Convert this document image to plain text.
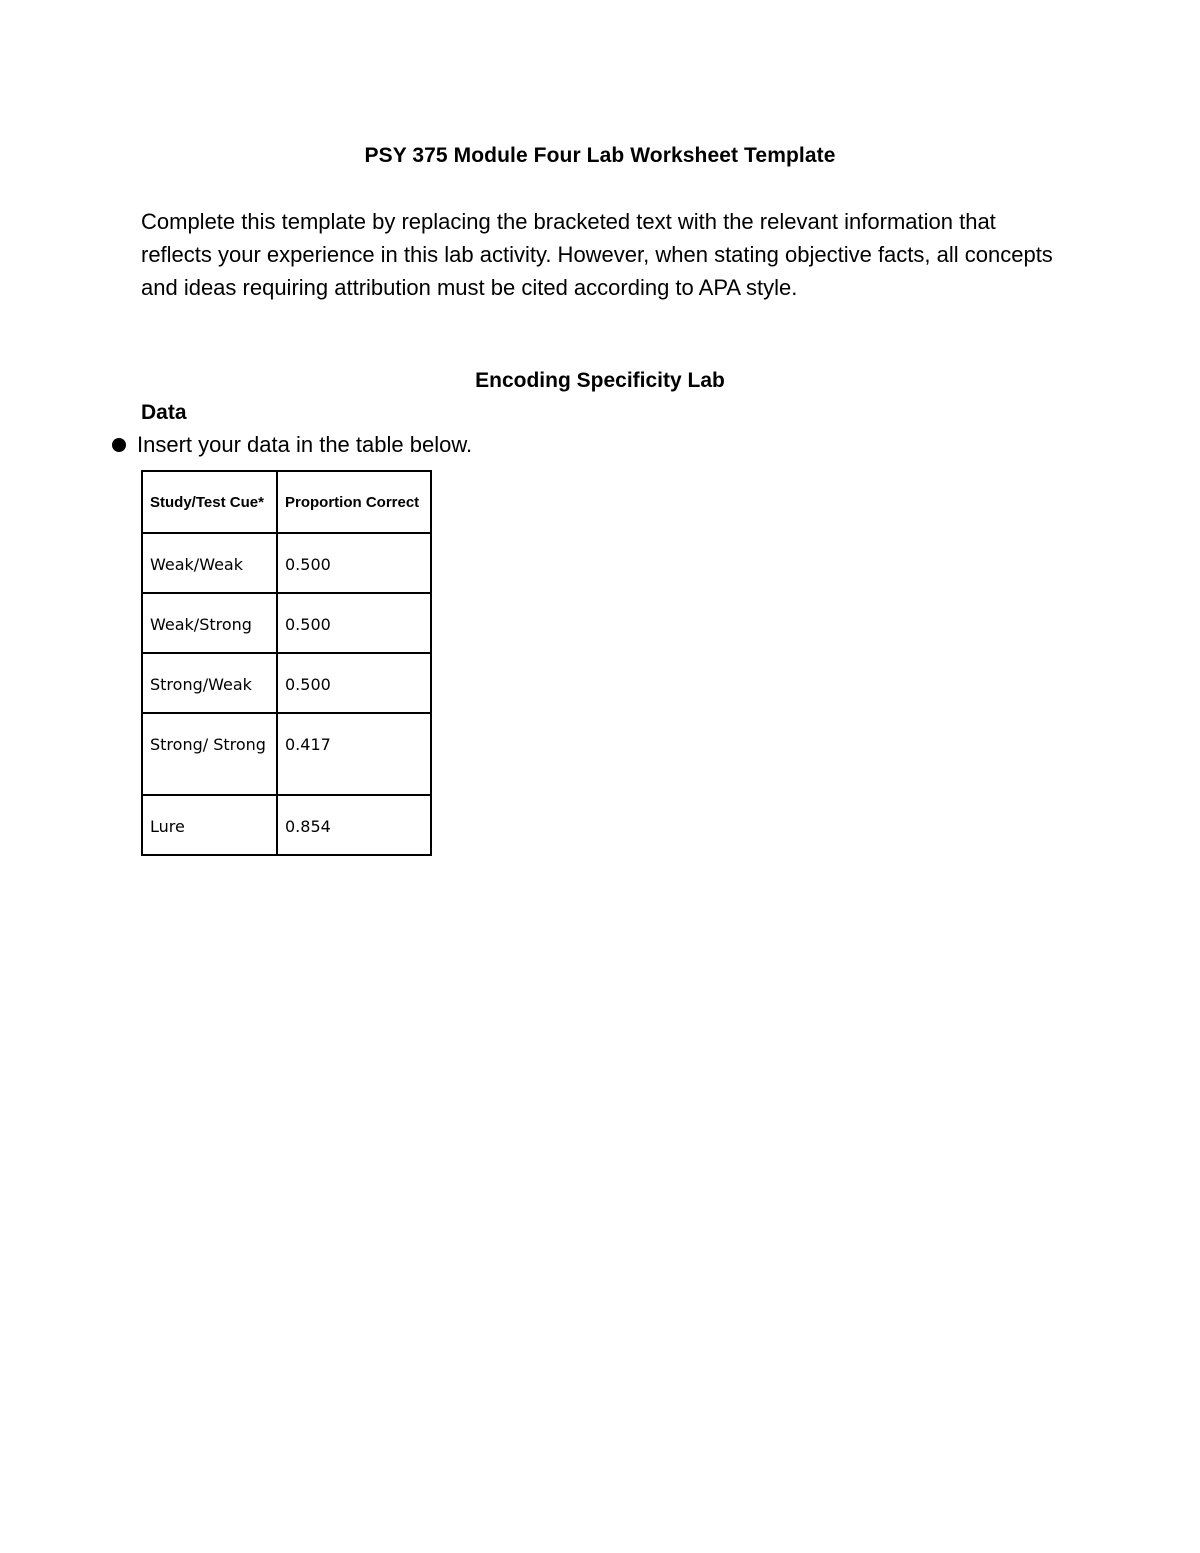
PSY 375 Module Four Lab Worksheet Template
Complete this template by replacing the bracketed text with the relevant information that reflects your experience in this lab activity. However, when stating objective facts, all concepts and ideas requiring attribution must be cited according to APA style.
Encoding Specificity Lab
Data
Insert your data in the table below.
Study/Test Cue*	Proportion Correct
Weak/Weak	0.500
Weak/Strong	0.500
Strong/Weak	0.500
Strong/ Strong	0.417
Lure	0.854
